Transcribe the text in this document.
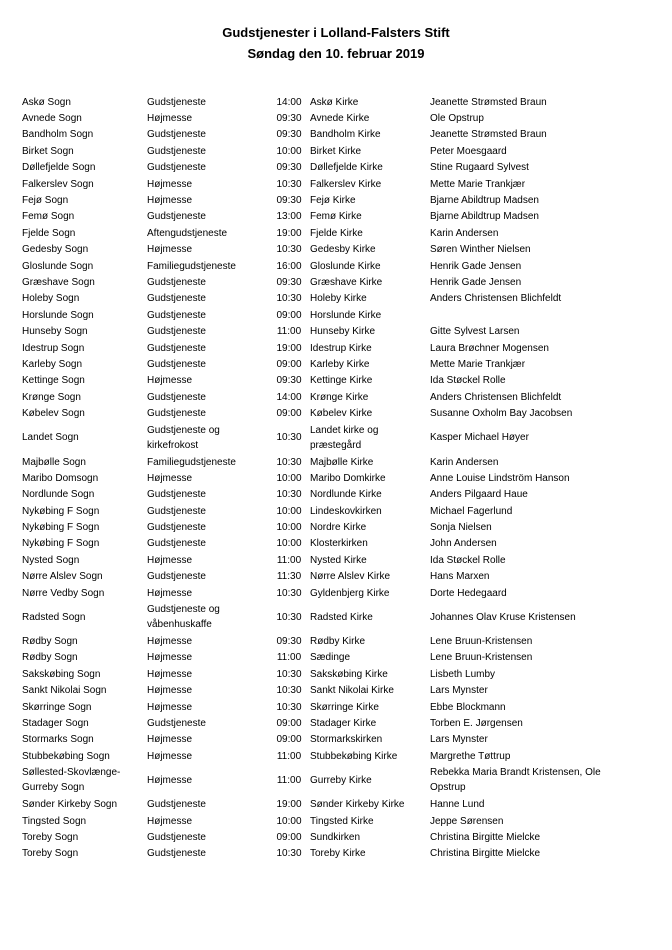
Gudstjenester i Lolland-Falsters Stift
Søndag den 10. februar 2019
Askø Sogn	Gudstjeneste	14:00	Askø Kirke	Jeanette Strømsted Braun
Avnede Sogn	Højmesse	09:30	Avnede Kirke	Ole Opstrup
Bandholm Sogn	Gudstjeneste	09:30	Bandholm Kirke	Jeanette Strømsted Braun
Birket Sogn	Gudstjeneste	10:00	Birket Kirke	Peter Moesgaard
Døllefjelde Sogn	Gudstjeneste	09:30	Døllefjelde Kirke	Stine Rugaard Sylvest
Falkerslev Sogn	Højmesse	10:30	Falkerslev Kirke	Mette Marie Trankjær
Fejø Sogn	Højmesse	09:30	Fejø Kirke	Bjarne Abildtrup Madsen
Femø Sogn	Gudstjeneste	13:00	Femø Kirke	Bjarne Abildtrup Madsen
Fjelde Sogn	Aftengudstjeneste	19:00	Fjelde Kirke	Karin Andersen
Gedesby Sogn	Højmesse	10:30	Gedesby Kirke	Søren Winther Nielsen
Gloslunde Sogn	Familiegudstjeneste	16:00	Gloslunde Kirke	Henrik Gade Jensen
Græshave Sogn	Gudstjeneste	09:30	Græshave Kirke	Henrik Gade Jensen
Holeby Sogn	Gudstjeneste	10:30	Holeby Kirke	Anders Christensen Blichfeldt
Horslunde Sogn	Gudstjeneste	09:00	Horslunde Kirke	
Hunseby Sogn	Gudstjeneste	11:00	Hunseby Kirke	Gitte Sylvest Larsen
Idestrup Sogn	Gudstjeneste	19:00	Idestrup Kirke	Laura Brøchner Mogensen
Karleby Sogn	Gudstjeneste	09:00	Karleby Kirke	Mette Marie Trankjær
Kettinge Sogn	Højmesse	09:30	Kettinge Kirke	Ida Støckel Rolle
Krønge Sogn	Gudstjeneste	14:00	Krønge Kirke	Anders Christensen Blichfeldt
Købelev Sogn	Gudstjeneste	09:00	Købelev Kirke	Susanne Oxholm Bay Jacobsen
Landet Sogn	Gudstjeneste og kirkefrokost	10:30	Landet kirke og præstegård	Kasper Michael Høyer
Majbølle Sogn	Familiegudstjeneste	10:30	Majbølle Kirke	Karin Andersen
Maribo Domsogn	Højmesse	10:00	Maribo Domkirke	Anne Louise Lindström Hanson
Nordlunde Sogn	Gudstjeneste	10:30	Nordlunde Kirke	Anders Pilgaard Haue
Nykøbing F Sogn	Gudstjeneste	10:00	Lindeskovkirken	Michael Fagerlund
Nykøbing F Sogn	Gudstjeneste	10:00	Nordre Kirke	Sonja Nielsen
Nykøbing F Sogn	Gudstjeneste	10:00	Klosterkirken	John Andersen
Nysted Sogn	Højmesse	11:00	Nysted Kirke	Ida Støckel Rolle
Nørre Alslev Sogn	Gudstjeneste	11:30	Nørre Alslev Kirke	Hans Marxen
Nørre Vedby Sogn	Højmesse	10:30	Gyldenbjerg Kirke	Dorte Hedegaard
Radsted Sogn	Gudstjeneste og våbenhuskaffe	10:30	Radsted Kirke	Johannes Olav Kruse Kristensen
Rødby Sogn	Højmesse	09:30	Rødby Kirke	Lene Bruun-Kristensen
Rødby Sogn	Højmesse	11:00	Sædinge	Lene Bruun-Kristensen
Sakskøbing Sogn	Højmesse	10:30	Sakskøbing Kirke	Lisbeth Lumby
Sankt Nikolai Sogn	Højmesse	10:30	Sankt Nikolai Kirke	Lars Mynster
Skørringe Sogn	Højmesse	10:30	Skørringe Kirke	Ebbe Blockmann
Stadager Sogn	Gudstjeneste	09:00	Stadager Kirke	Torben E. Jørgensen
Stormarks Sogn	Højmesse	09:00	Stormarkskirken	Lars Mynster
Stubbekøbing Sogn	Højmesse	11:00	Stubbekøbing Kirke	Margrethe Tøttrup
Søllested-Skovlænge-Gurreby Sogn	Højmesse	11:00	Gurreby Kirke	Rebekka Maria Brandt Kristensen, Ole Opstrup
Sønder Kirkeby Sogn	Gudstjeneste	19:00	Sønder Kirkeby Kirke	Hanne Lund
Tingsted Sogn	Højmesse	10:00	Tingsted Kirke	Jeppe Sørensen
Toreby Sogn	Gudstjeneste	09:00	Sundkirken	Christina Birgitte Mielcke
Toreby Sogn	Gudstjeneste	10:30	Toreby Kirke	Christina Birgitte Mielcke
